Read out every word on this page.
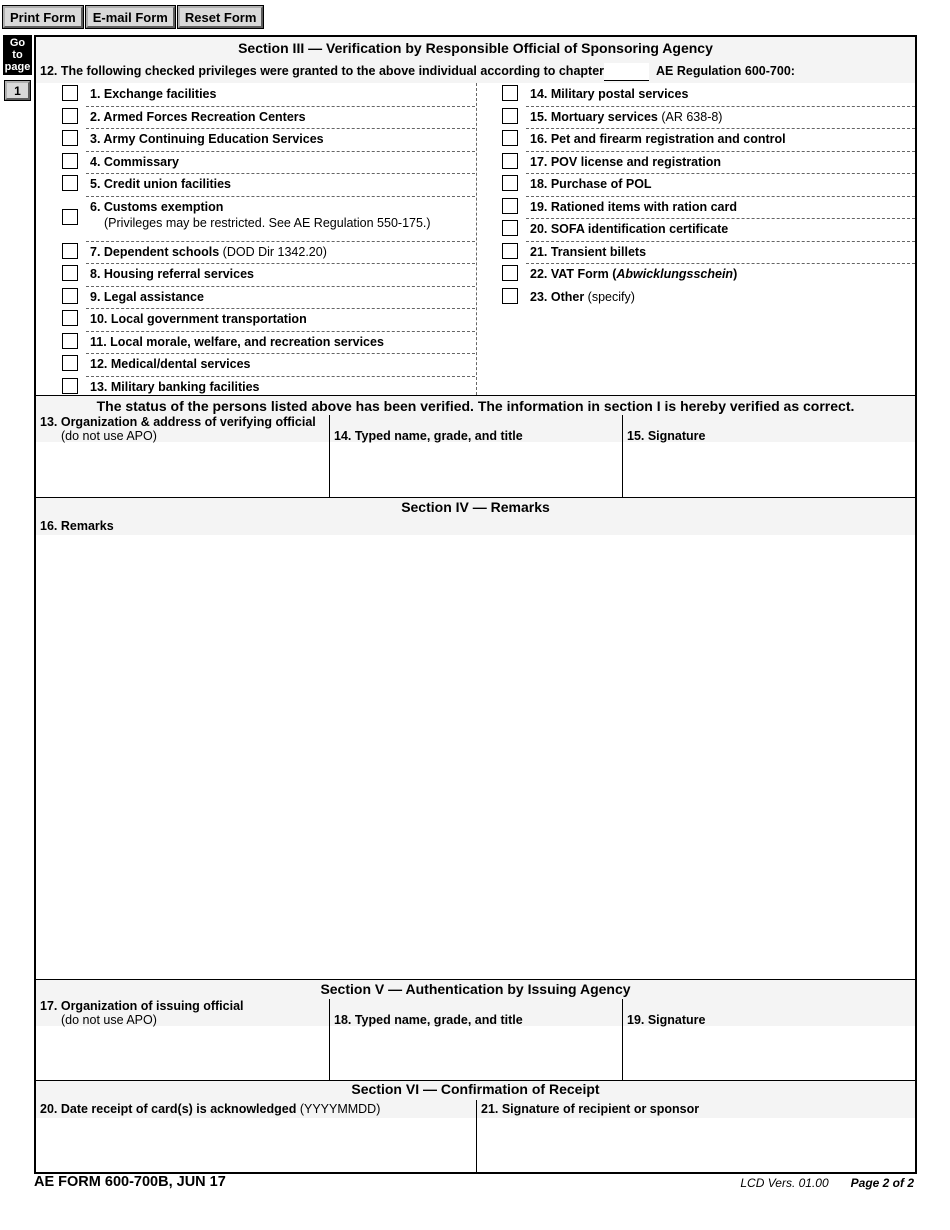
Print Form	E-mail Form	Reset Form
Go
to
page
1
Section III — Verification by Responsible Official of Sponsoring Agency
12. The following checked privileges were granted to the above individual according to chapter	AE Regulation 600-700:
1. Exchange facilities
2. Armed Forces Recreation Centers
3. Army Continuing Education Services
4. Commissary
5. Credit union facilities
6. Customs exemption
(Privileges may be restricted. See AE Regulation 550-175.)
7. Dependent schools (DOD Dir 1342.20)
8. Housing referral services
9. Legal assistance
10. Local government transportation
11. Local morale, welfare, and recreation services
12. Medical/dental services
13. Military banking facilities
14. Military postal services
15. Mortuary services (AR 638-8)
16. Pet and firearm registration and control
17. POV license and registration
18. Purchase of POL
19. Rationed items with ration card
20. SOFA identification certificate
21. Transient billets
22. VAT Form (Abwicklungsschein)
23. Other (specify)
The status of the persons listed above has been verified. The information in section I is hereby verified as correct.
13. Organization & address of verifying official
(do not use APO)	14. Typed name, grade, and title	15. Signature
Section IV — Remarks
16. Remarks
Section V — Authentication by Issuing Agency
17. Organization of issuing official
(do not use APO)	18. Typed name, grade, and title	19. Signature
Section VI — Confirmation of Receipt
20. Date receipt of card(s) is acknowledged (YYYYMMDD)	21. Signature of recipient or sponsor
AE FORM 600-700B, JUN 17	LCD Vers. 01.00 Page 2 of 2
